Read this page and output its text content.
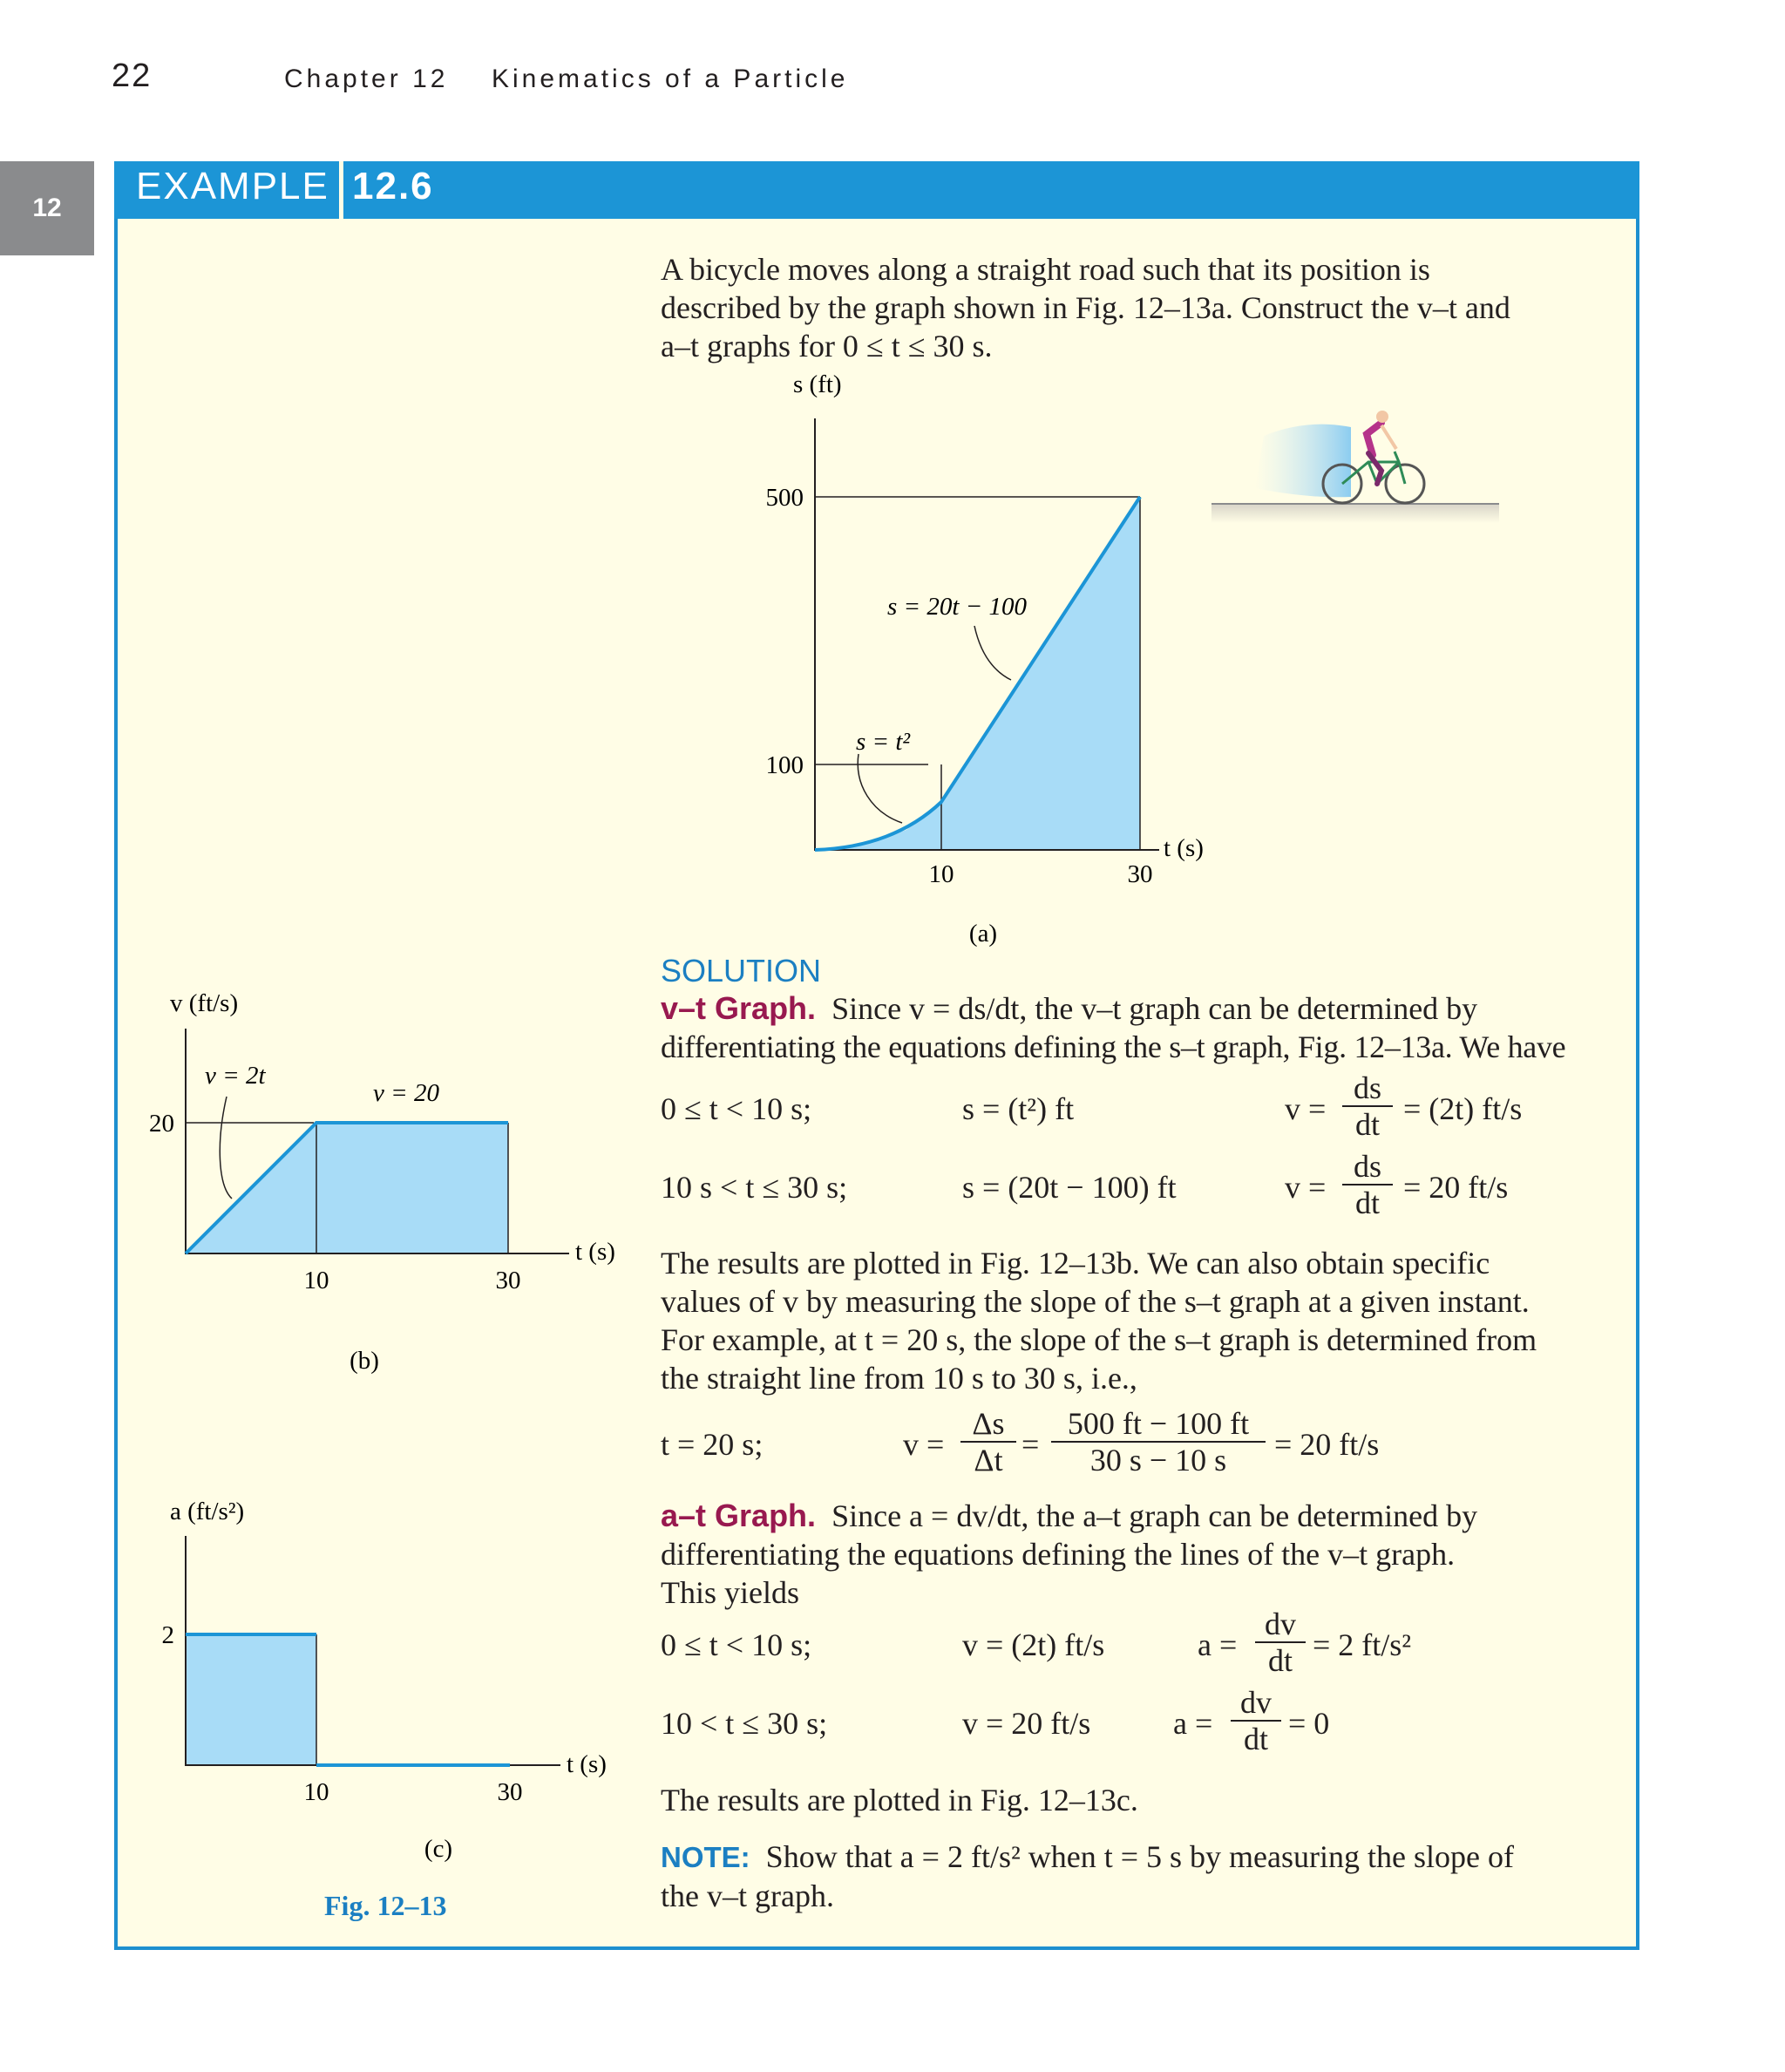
22	Chapter 12 Kinematics of a Particle
12
EXAMPLE 12.6
A bicycle moves along a straight road such that its position is
described by the graph shown in Fig. 12–13a. Construct the v–t and
a–t graphs for 0 ≤ t ≤ 30 s.
s (ft)
500
100
10	30
t (s)
s = 20t − 100
s = t²
(a)
v (ft/s)
20
10	30
t (s)
v = 2t
v = 20
(b)
a (ft/s²)
2
10	30
t (s)
(c)
Fig. 12–13
SOLUTION
v–t Graph. Since v = ds/dt, the v–t graph can be determined by
differentiating the equations defining the s–t graph, Fig. 12–13a. We have
0 ≤ t < 10 s;	s = (t²) ft	v =
ds
dt = (2t) ft/s
10 s < t ≤ 30 s;	s = (20t − 100) ft	v =
ds
dt = 20 ft/s
The results are plotted in Fig. 12–13b. We can also obtain specific
values of v by measuring the slope of the s–t graph at a given instant.
For example, at t = 20 s, the slope of the s–t graph is determined from
the straight line from 10 s to 30 s, i.e.,
t = 20 s;	v =
Δs
Δt =
500 ft − 100 ft
30 s − 10 s	= 20 ft/s
a–t Graph. Since a = dv/dt, the a–t graph can be determined by
differentiating the equations defining the lines of the v–t graph.
This yields
0 ≤ t < 10 s;	v = (2t) ft/s	a =
dv
dt = 2 ft/s²
10 < t ≤ 30 s;	v = 20 ft/s	a =
dv
dt = 0
The results are plotted in Fig. 12–13c.
NOTE: Show that a = 2 ft/s² when t = 5 s by measuring the slope of
the v–t graph.
